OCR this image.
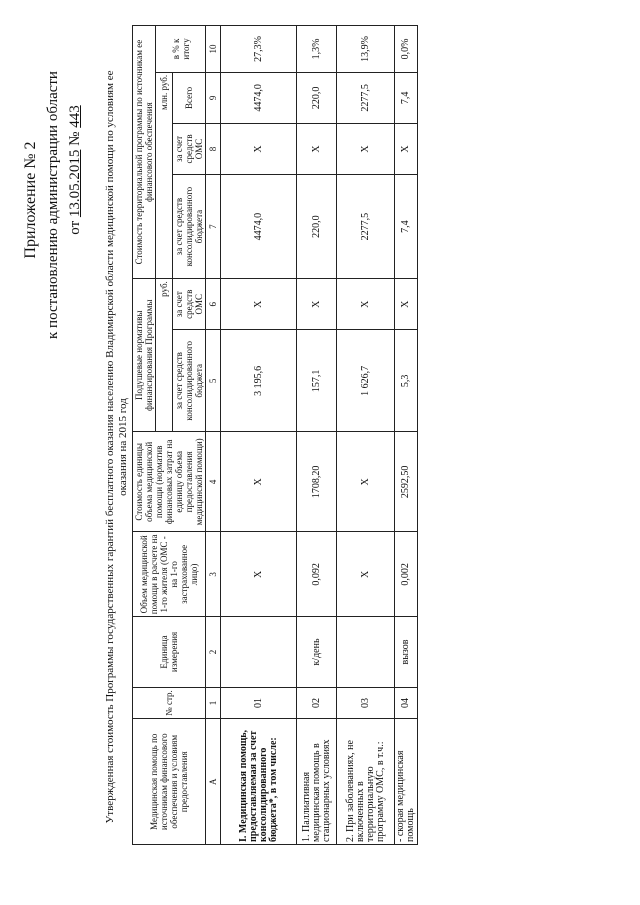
Приложение № 2 к постановлению администрации области от 13.05.2015 № 443 Утвержденная стоимость Программы государственных гарантий бесплатного оказания населению Владимирской области медицинской помощи по условиям ее оказания на 2015 год
Медицинская помощь по источникам финансового обеспечения и условиям предоставления	№ стр.	Единица измерения	Объем медицинской помощи в расчете на 1-го жителя (ОМС - на 1-го застрахованное лицо)	Стоимость единицы объема медицинской помощи (норматив финансовых затрат на единицу объема предоставления медицинской помощи)	Подушевые нормативы финансирования Программы		Стоимость территориальной программы по источникам ее финансового обеспечения			
					руб.		млн. руб.			в % к итогу
					за счет средств консолидированного бюджета	за счет средств ОМС	за счет средств консолидированного бюджета	за счет средств ОМС	Всего	
А	1	2	3	4	5	6	7	8	9	10
I. Медицинская помощь, предоставляемая за счет консолидированного бюджета*, в том числе:	01		X	X	3 195,6	X	4474,0	X	4474,0	27,3%
1. Паллиативная медицинская помощь в стационарных условиях	02	к/день	0,092	1708,20	157,1	X	220,0	X	220,0	1,3%
2. При заболеваниях, не включенных в территориальную программу ОМС, в т.ч.:	03		X	X	1 626,7	X	2277,5	X	2277,5	13,9%
- скорая медицинская помощь	04	вызов	0,002	2592,50	5,3	X	7,4	X	7,4	0,0%
